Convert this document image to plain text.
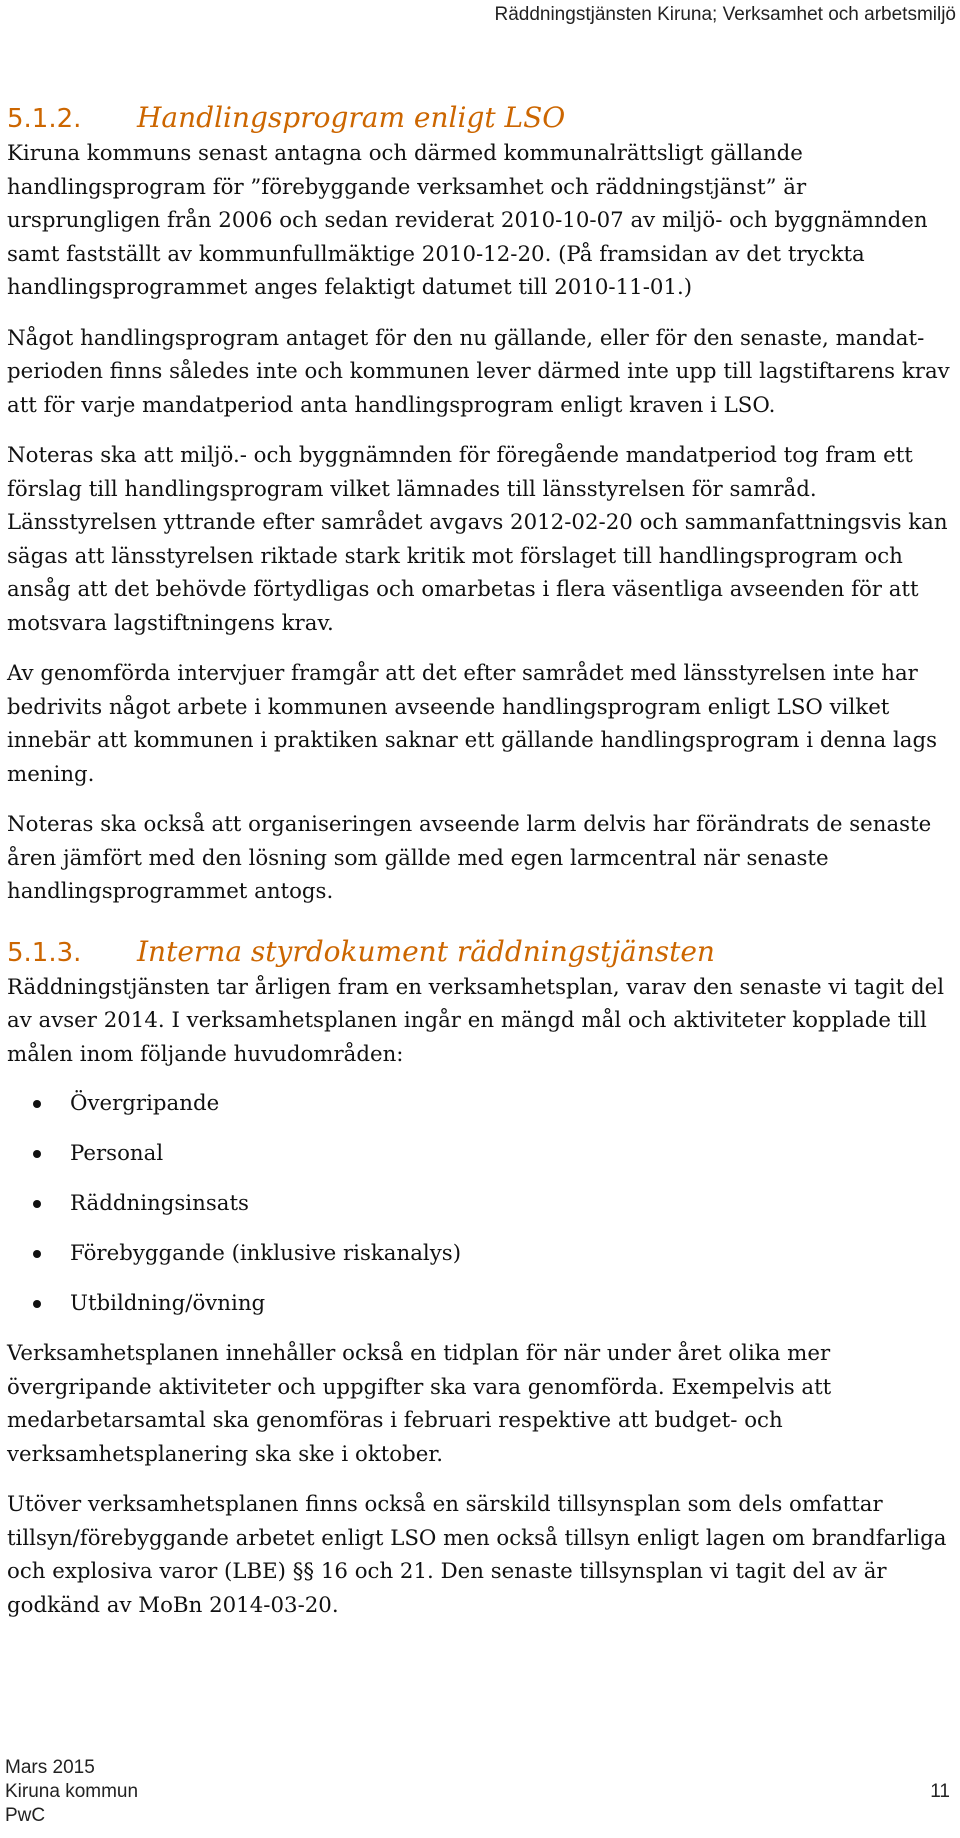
Räddningstjänsten Kiruna; Verksamhet och arbetsmiljö
5.1.2.	Handlingsprogram enligt LSO

Kiruna kommuns senast antagna och därmed kommunalrättsligt gällande handlingsprogram för ”förebyggande verksamhet och räddningstjänst” är ursprungligen från 2006 och sedan reviderat 2010-10-07 av miljö- och byggnämnden samt fastställt av kommunfullmäktige 2010-12-20. (På framsidan av det tryckta handlingsprogrammet anges felaktigt datumet till 2010-11-01.)

Något handlingsprogram antaget för den nu gällande, eller för den senaste, mandatperioden finns således inte och kommunen lever därmed inte upp till lagstiftarens krav att för varje mandatperiod anta handlingsprogram enligt kraven i LSO.

Noteras ska att miljö.- och byggnämnden för föregående mandatperiod tog fram ett förslag till handlingsprogram vilket lämnades till länsstyrelsen för samråd. Länsstyrelsen yttrande efter samrådet avgavs 2012-02-20 och sammanfattningsvis kan sägas att länsstyrelsen riktade stark kritik mot förslaget till handlingsprogram och ansåg att det behövde förtydligas och omarbetas i flera väsentliga avseenden för att motsvara lagstiftningens krav.

Av genomförda intervjuer framgår att det efter samrådet med länsstyrelsen inte har bedrivits något arbete i kommunen avseende handlingsprogram enligt LSO vilket innebär att kommunen i praktiken saknar ett gällande handlingsprogram i denna lags mening.

Noteras ska också att organiseringen avseende larm delvis har förändrats de senaste åren jämfört med den lösning som gällde med egen larmcentral när senaste handlingsprogrammet antogs.

5.1.3.	Interna styrdokument räddningstjänsten

Räddningstjänsten tar årligen fram en verksamhetsplan, varav den senaste vi tagit del av avser 2014. I verksamhetsplanen ingår en mängd mål och aktiviteter kopplade till målen inom följande huvudområden:

Övergripande
Personal
Räddningsinsats
Förebyggande (inklusive riskanalys)
Utbildning/övning

Verksamhetsplanen innehåller också en tidplan för när under året olika mer övergripande aktiviteter och uppgifter ska vara genomförda. Exempelvis att medarbetarsamtal ska genomföras i februari respektive att budget- och verksamhetsplanering ska ske i oktober.

Utöver verksamhetsplanen finns också en särskild tillsynsplan som dels omfattar tillsyn/förebyggande arbetet enligt LSO men också tillsyn enligt lagen om brandfarliga och explosiva varor (LBE) §§ 16 och 21. Den senaste tillsynsplan vi tagit del av är godkänd av MoBn 2014-03-20.

Mars 2015
Kiruna kommun
PwC
11
